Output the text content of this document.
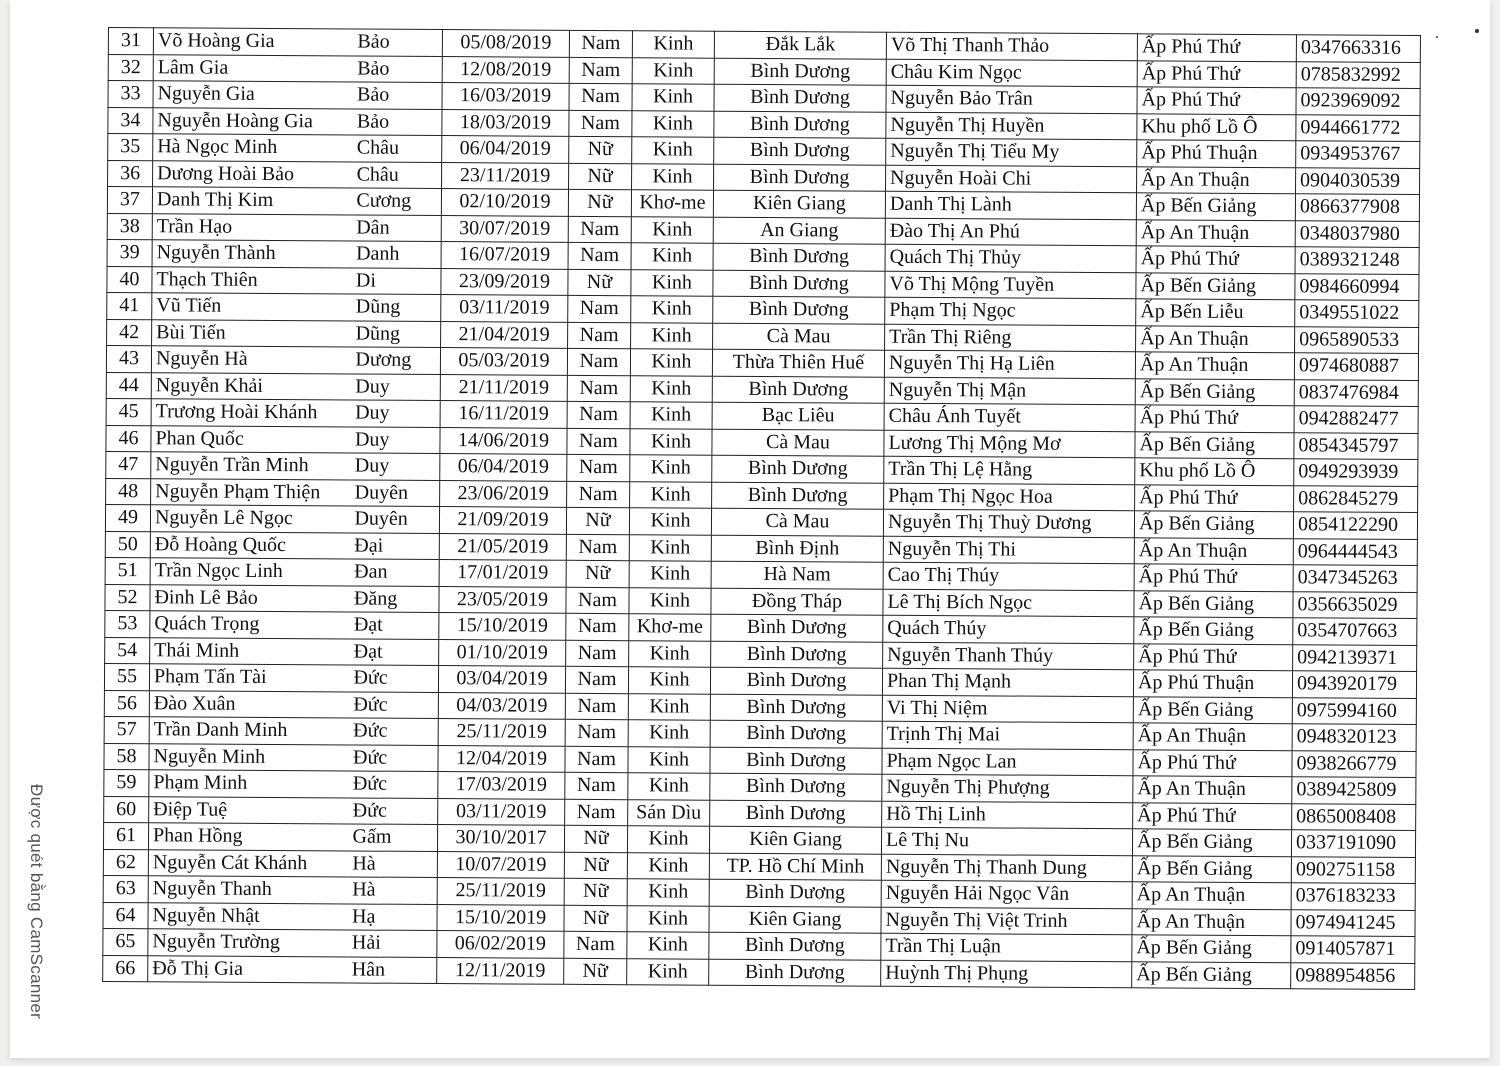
31	Võ Hoàng Gia	Bảo	05/08/2019	Nam	Kinh	Đắk Lắk	Võ Thị Thanh Thảo	Ấp Phú Thứ	0347663316
32	Lâm Gia	Bảo	12/08/2019	Nam	Kinh	Bình Dương	Châu Kim Ngọc	Ấp Phú Thứ	0785832992
33	Nguyễn Gia	Bảo	16/03/2019	Nam	Kinh	Bình Dương	Nguyễn Bảo Trân	Ấp Phú Thứ	0923969092
34	Nguyễn Hoàng Gia	Bảo	18/03/2019	Nam	Kinh	Bình Dương	Nguyễn Thị Huyền	Khu phố Lồ Ô	0944661772
35	Hà Ngọc Minh	Châu	06/04/2019	Nữ	Kinh	Bình Dương	Nguyễn Thị Tiểu My	Ấp Phú Thuận	0934953767
36	Dương Hoài Bảo	Châu	23/11/2019	Nữ	Kinh	Bình Dương	Nguyễn Hoài Chi	Ấp An Thuận	0904030539
37	Danh Thị Kim	Cương	02/10/2019	Nữ	Khơ-me	Kiên Giang	Danh Thị Lành	Ấp Bến Giảng	0866377908
38	Trần Hạo	Dân	30/07/2019	Nam	Kinh	An Giang	Đào Thị An Phú	Ấp An Thuận	0348037980
39	Nguyễn Thành	Danh	16/07/2019	Nam	Kinh	Bình Dương	Quách Thị Thủy	Ấp Phú Thứ	0389321248
40	Thạch Thiên	Di	23/09/2019	Nữ	Kinh	Bình Dương	Võ Thị Mộng Tuyền	Ấp Bến Giảng	0984660994
41	Vũ Tiến	Dũng	03/11/2019	Nam	Kinh	Bình Dương	Phạm Thị Ngọc	Ấp Bến Liễu	0349551022
42	Bùi Tiến	Dũng	21/04/2019	Nam	Kinh	Cà Mau	Trần Thị Riêng	Ấp An Thuận	0965890533
43	Nguyễn Hà	Dương	05/03/2019	Nam	Kinh	Thừa Thiên Huế	Nguyễn Thị Hạ Liên	Ấp An Thuận	0974680887
44	Nguyễn Khải	Duy	21/11/2019	Nam	Kinh	Bình Dương	Nguyễn Thị Mận	Ấp Bến Giảng	0837476984
45	Trương Hoài Khánh	Duy	16/11/2019	Nam	Kinh	Bạc Liêu	Châu Ánh Tuyết	Ấp Phú Thứ	0942882477
46	Phan Quốc	Duy	14/06/2019	Nam	Kinh	Cà Mau	Lương Thị Mộng Mơ	Ấp Bến Giảng	0854345797
47	Nguyễn Trần Minh	Duy	06/04/2019	Nam	Kinh	Bình Dương	Trần Thị Lệ Hằng	Khu phố Lồ Ô	0949293939
48	Nguyễn Phạm Thiện	Duyên	23/06/2019	Nam	Kinh	Bình Dương	Phạm Thị Ngọc Hoa	Ấp Phú Thứ	0862845279
49	Nguyễn Lê Ngọc	Duyên	21/09/2019	Nữ	Kinh	Cà Mau	Nguyễn Thị Thuỳ Dương	Ấp Bến Giảng	0854122290
50	Đỗ Hoàng Quốc	Đại	21/05/2019	Nam	Kinh	Bình Định	Nguyễn Thị Thi	Ấp An Thuận	0964444543
51	Trần Ngọc Linh	Đan	17/01/2019	Nữ	Kinh	Hà Nam	Cao Thị Thúy	Ấp Phú Thứ	0347345263
52	Đinh Lê Bảo	Đăng	23/05/2019	Nam	Kinh	Đồng Tháp	Lê Thị Bích Ngọc	Ấp Bến Giảng	0356635029
53	Quách Trọng	Đạt	15/10/2019	Nam	Khơ-me	Bình Dương	Quách Thúy	Ấp Bến Giảng	0354707663
54	Thái Minh	Đạt	01/10/2019	Nam	Kinh	Bình Dương	Nguyễn Thanh Thúy	Ấp Phú Thứ	0942139371
55	Phạm Tấn Tài	Đức	03/04/2019	Nam	Kinh	Bình Dương	Phan Thị Mạnh	Ấp Phú Thuận	0943920179
56	Đào Xuân	Đức	04/03/2019	Nam	Kinh	Bình Dương	Vi Thị Niệm	Ấp Bến Giảng	0975994160
57	Trần Danh Minh	Đức	25/11/2019	Nam	Kinh	Bình Dương	Trịnh Thị Mai	Ấp An Thuận	0948320123
58	Nguyễn Minh	Đức	12/04/2019	Nam	Kinh	Bình Dương	Phạm Ngọc Lan	Ấp Phú Thứ	0938266779
59	Phạm Minh	Đức	17/03/2019	Nam	Kinh	Bình Dương	Nguyễn Thị Phượng	Ấp An Thuận	0389425809
60	Điệp Tuệ	Đức	03/11/2019	Nam	Sán Dìu	Bình Dương	Hồ Thị Linh	Ấp Phú Thứ	0865008408
61	Phan Hồng	Gấm	30/10/2017	Nữ	Kinh	Kiên Giang	Lê Thị Nu	Ấp Bến Giảng	0337191090
62	Nguyễn Cát Khánh	Hà	10/07/2019	Nữ	Kinh	TP. Hồ Chí Minh	Nguyễn Thị Thanh Dung	Ấp Bến Giảng	0902751158
63	Nguyễn Thanh	Hà	25/11/2019	Nữ	Kinh	Bình Dương	Nguyễn Hải Ngọc Vân	Ấp An Thuận	0376183233
64	Nguyễn Nhật	Hạ	15/10/2019	Nữ	Kinh	Kiên Giang	Nguyễn Thị Việt Trinh	Ấp An Thuận	0974941245
65	Nguyễn Trường	Hải	06/02/2019	Nam	Kinh	Bình Dương	Trần Thị Luận	Ấp Bến Giảng	0914057871
66	Đỗ Thị Gia	Hân	12/11/2019	Nữ	Kinh	Bình Dương	Huỳnh Thị Phụng	Ấp Bến Giảng	0988954856
Được quét bằng CamScanner
